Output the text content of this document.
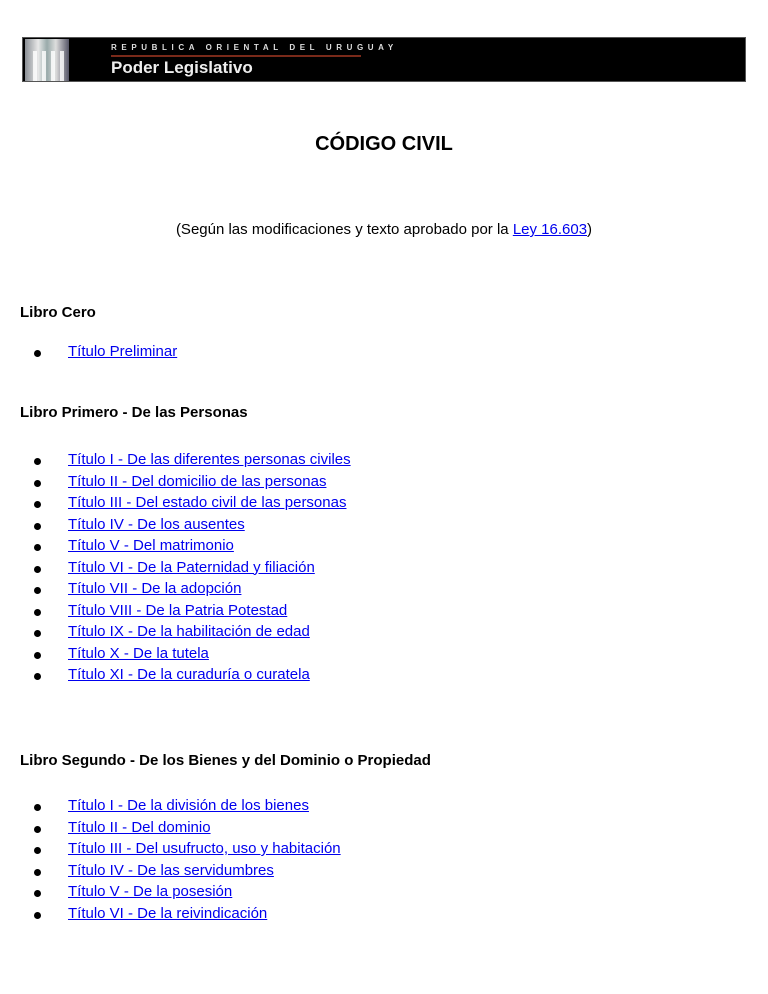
REPUBLICA ORIENTAL DEL URUGUAY
Poder Legislativo
CÓDIGO CIVIL
(Según las modificaciones y texto aprobado por la Ley 16.603)
Libro Cero
Título Preliminar
Libro Primero - De las Personas
Título I - De las diferentes personas civiles
Título II - Del domicilio de las personas
Título III - Del estado civil de las personas
Título IV - De los ausentes
Título V - Del matrimonio
Título VI - De la Paternidad y filiación
Título VII - De la adopción
Título VIII - De la Patria Potestad
Título IX - De la habilitación de edad
Título X - De la tutela
Título XI - De la curaduría o curatela
Libro Segundo - De los Bienes y del Dominio o Propiedad
Título I - De la división de los bienes
Título II - Del dominio
Título III - Del usufructo, uso y habitación
Título IV - De las servidumbres
Título V - De la posesión
Título VI - De la reivindicación
